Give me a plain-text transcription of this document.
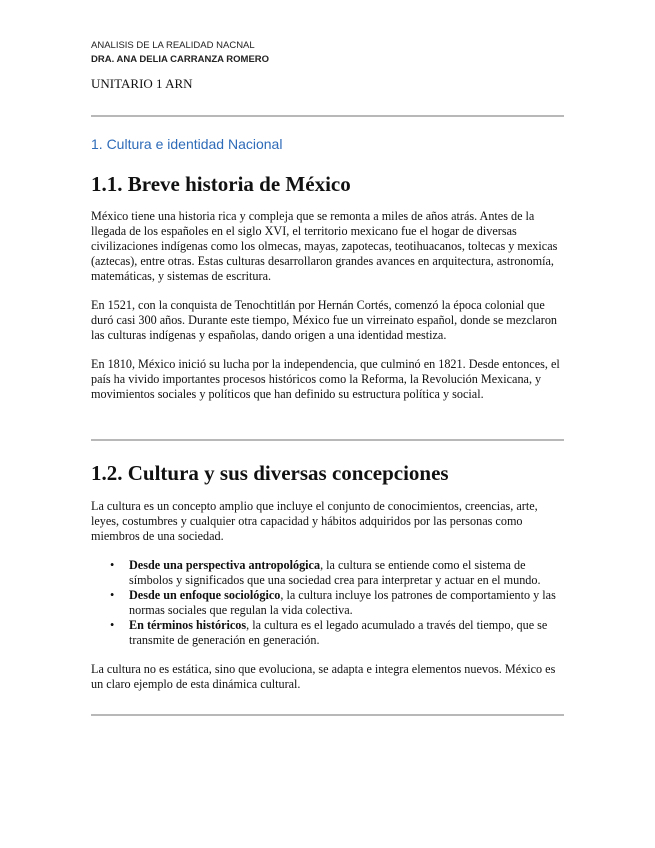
ANALISIS DE LA REALIDAD NACNAL
DRA. ANA DELIA CARRANZA ROMERO
UNITARIO 1 ARN
1. Cultura e identidad Nacional
1.1. Breve historia de México

México tiene una historia rica y compleja que se remonta a miles de años atrás. Antes de la llegada de los españoles en el siglo XVI, el territorio mexicano fue el hogar de diversas civilizaciones indígenas como los olmecas, mayas, zapotecas, teotihuacanos, toltecas y mexicas (aztecas), entre otras. Estas culturas desarrollaron grandes avances en arquitectura, astronomía, matemáticas, y sistemas de escritura.

En 1521, con la conquista de Tenochtitlán por Hernán Cortés, comenzó la época colonial que duró casi 300 años. Durante este tiempo, México fue un virreinato español, donde se mezclaron las culturas indígenas y españolas, dando origen a una identidad mestiza.

En 1810, México inició su lucha por la independencia, que culminó en 1821. Desde entonces, el país ha vivido importantes procesos históricos como la Reforma, la Revolución Mexicana, y movimientos sociales y políticos que han definido su estructura política y social.

1.2. Cultura y sus diversas concepciones

La cultura es un concepto amplio que incluye el conjunto de conocimientos, creencias, arte, leyes, costumbres y cualquier otra capacidad y hábitos adquiridos por las personas como miembros de una sociedad.

• Desde una perspectiva antropológica, la cultura se entiende como el sistema de símbolos y significados que una sociedad crea para interpretar y actuar en el mundo.
• Desde un enfoque sociológico, la cultura incluye los patrones de comportamiento y las normas sociales que regulan la vida colectiva.
• En términos históricos, la cultura es el legado acumulado a través del tiempo, que se transmite de generación en generación.

La cultura no es estática, sino que evoluciona, se adapta e integra elementos nuevos. México es un claro ejemplo de esta dinámica cultural.
